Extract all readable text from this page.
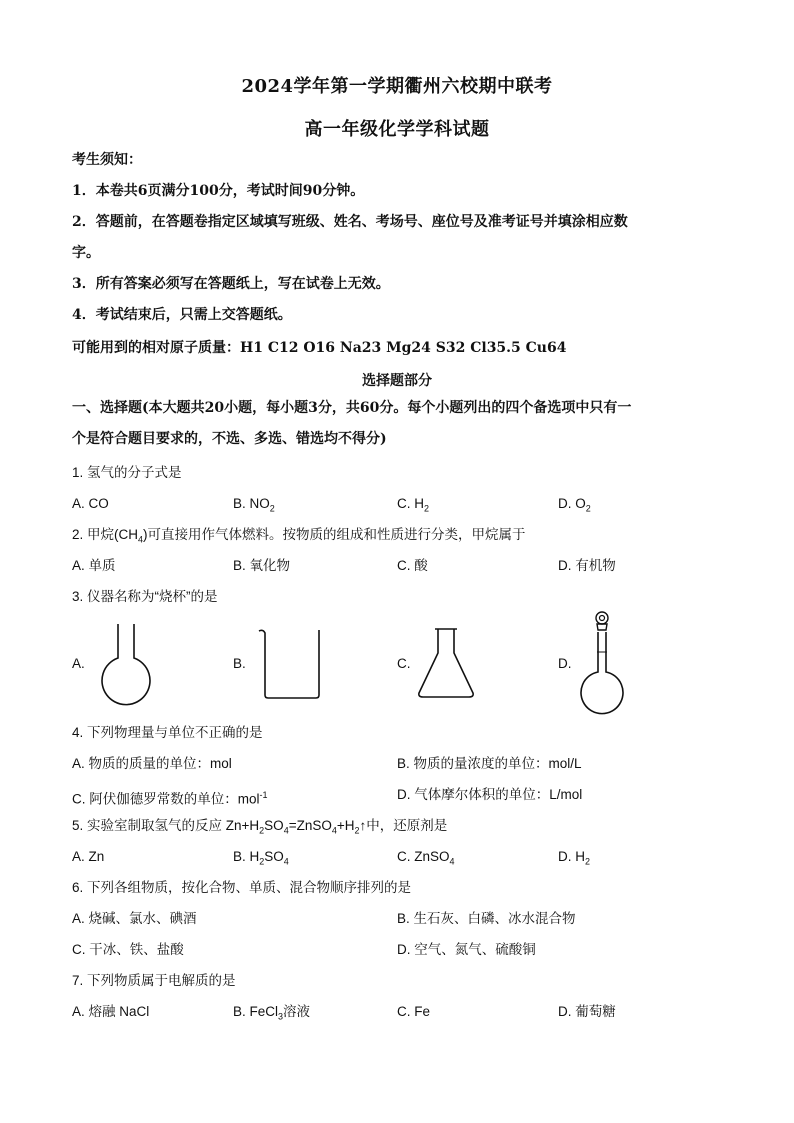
2024学年第一学期衢州六校期中联考
高一年级化学学科试题
考生须知：
1．本卷共6页满分100分，考试时间90分钟。
2．答题前，在答题卷指定区域填写班级、姓名、考场号、座位号及准考证号并填涂相应数
字。
3．所有答案必须写在答题纸上，写在试卷上无效。
4．考试结束后，只需上交答题纸。
可能用到的相对原子质量：H1 C12 O16 Na23 Mg24 S32 Cl35.5 Cu64
选择题部分
一、选择题(本大题共20小题，每小题3分，共60分。每个小题列出的四个备选项中只有一
个是符合题目要求的，不选、多选、错选均不得分)
1. 氢气的分子式是
A. CO	B. $NO_2$	C. $H_2$	D. $O_2$
2. 甲烷$(CH_4)$可直接用作气体燃料。按物质的组成和性质进行分类，甲烷属于
A. 单质	B. 氧化物	C. 酸	D. 有机物
3. 仪器名称为“烧杯”的是
A.	B.	C.	D.
4. 下列物理量与单位不正确的是
A. 物质的质量的单位：mol	B. 物质的量浓度的单位：mol/L
C. 阿伏伽德罗常数的单位：mol$^{-1}$	D. 气体摩尔体积的单位：L/mol
5. 实验室制取氢气的反应 $Zn+H_2SO_4=ZnSO_4+H_2↑$中，还原剂是
A. Zn	B. $H_2SO_4$	C. ZnSO$_4$	D. $H_2$
6. 下列各组物质，按化合物、单质、混合物顺序排列的是
A. 烧碱、氯水、碘酒	B. 生石灰、白磷、冰水混合物
C. 干冰、铁、盐酸	D. 空气、氮气、硫酸铜
7. 下列物质属于电解质的是
A. 熔融 NaCl	B. FeCl$_3$溶液	C. Fe	D. 葡萄糖
